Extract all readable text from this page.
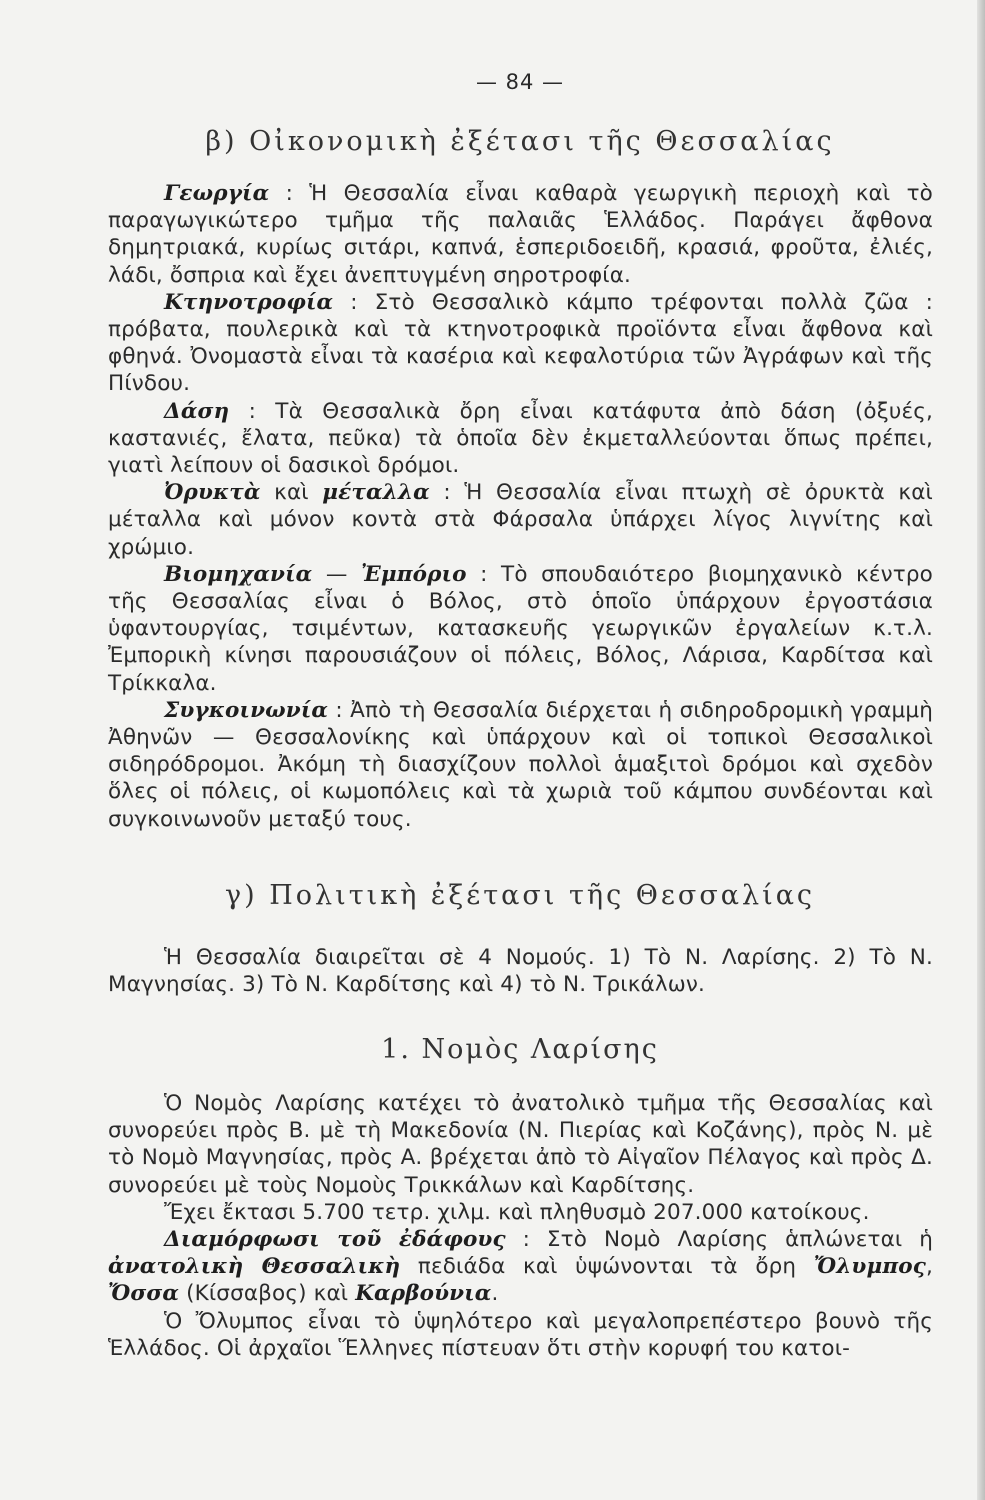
— 84 —
β) Οἰκονομικὴ ἐξέτασι τῆς Θεσσαλίας

Γεωργία : Ἡ Θεσσαλία εἶναι καθαρὰ γεωργικὴ περιοχὴ καὶ τὸ παραγωγικώτερο τμῆμα τῆς παλαιᾶς Ἑλλάδος. Παράγει ἄφθονα δημητριακά, κυρίως σιτάρι, καπνά, ἑσπεριδοειδῆ, κρασιά, φροῦτα, ἐλιές, λάδι, ὄσπρια καὶ ἔχει ἀνεπτυγμένη σηροτροφία.

Κτηνοτροφία : Στὸ Θεσσαλικὸ κάμπο τρέφονται πολλὰ ζῶα : πρόβατα, πουλερικὰ καὶ τὰ κτηνοτροφικὰ προϊόντα εἶναι ἄφθονα καὶ φθηνά. Ὀνομαστὰ εἶναι τὰ κασέρια καὶ κεφαλοτύρια τῶν Ἀγράφων καὶ τῆς Πίνδου.

Δάση : Τὰ Θεσσαλικὰ ὄρη εἶναι κατάφυτα ἀπὸ δάση (ὀξυές, καστανιές, ἔλατα, πεῦκα) τὰ ὁποῖα δὲν ἐκμεταλλεύονται ὅπως πρέπει, γιατὶ λείπουν οἱ δασικοὶ δρόμοι.

Ὀρυκτὰ καὶ μέταλλα : Ἡ Θεσσαλία εἶναι πτωχὴ σὲ ὀρυκτὰ καὶ μέταλλα καὶ μόνον κοντὰ στὰ Φάρσαλα ὑπάρχει λίγος λιγνίτης καὶ χρώμιο.

Βιομηχανία — Ἐμπόριο : Τὸ σπουδαιότερο βιομηχανικὸ κέντρο τῆς Θεσσαλίας εἶναι ὁ Βόλος, στὸ ὁποῖο ὑπάρχουν ἐργοστάσια ὑφαντουργίας, τσιμέντων, κατασκευῆς γεωργικῶν ἐργαλείων κ.τ.λ. Ἐμπορικὴ κίνησι παρουσιάζουν οἱ πόλεις, Βόλος, Λάρισα, Καρδίτσα καὶ Τρίκκαλα.

Συγκοινωνία : Ἀπὸ τὴ Θεσσαλία διέρχεται ἡ σιδηροδρομικὴ γραμμὴ Ἀθηνῶν — Θεσσαλονίκης καὶ ὑπάρχουν καὶ οἱ τοπικοὶ Θεσσαλικοὶ σιδηρόδρομοι. Ἀκόμη τὴ διασχίζουν πολλοὶ ἁμαξιτοὶ δρόμοι καὶ σχεδὸν ὅλες οἱ πόλεις, οἱ κωμοπόλεις καὶ τὰ χωριὰ τοῦ κάμπου συνδέονται καὶ συγκοινωνοῦν μεταξύ τους.

γ) Πολιτικὴ ἐξέτασι τῆς Θεσσαλίας

Ἡ Θεσσαλία διαιρεῖται σὲ 4 Νομούς. 1) Τὸ Ν. Λαρίσης. 2) Τὸ Ν. Μαγνησίας. 3) Τὸ Ν. Καρδίτσης καὶ 4) τὸ Ν. Τρικάλων.

1. Νομὸς Λαρίσης

Ὁ Νομὸς Λαρίσης κατέχει τὸ ἀνατολικὸ τμῆμα τῆς Θεσσαλίας καὶ συνορεύει πρὸς Β. μὲ τὴ Μακεδονία (Ν. Πιερίας καὶ Κοζάνης), πρὸς Ν. μὲ τὸ Νομὸ Μαγνησίας, πρὸς Α. βρέχεται ἀπὸ τὸ Αἰγαῖον Πέλαγος καὶ πρὸς Δ. συνορεύει μὲ τοὺς Νομοὺς Τρικκάλων καὶ Καρδίτσης.

Ἔχει ἔκτασι 5.700 τετρ. χιλμ. καὶ πληθυσμὸ 207.000 κατοίκους.

Διαμόρφωσι τοῦ ἐδάφους : Στὸ Νομὸ Λαρίσης ἁπλώνεται ἡ ἀνατολικὴ Θεσσαλικὴ πεδιάδα καὶ ὑψώνονται τὰ ὄρη Ὄλυμπος, Ὄσσα (Κίσσαβος) καὶ Καρβούνια.

Ὁ Ὄλυμπος εἶναι τὸ ὑψηλότερο καὶ μεγαλοπρεπέστερο βουνὸ τῆς Ἑλλάδος. Οἱ ἀρχαῖοι Ἕλληνες πίστευαν ὅτι στὴν κορυφή του κατοι-
